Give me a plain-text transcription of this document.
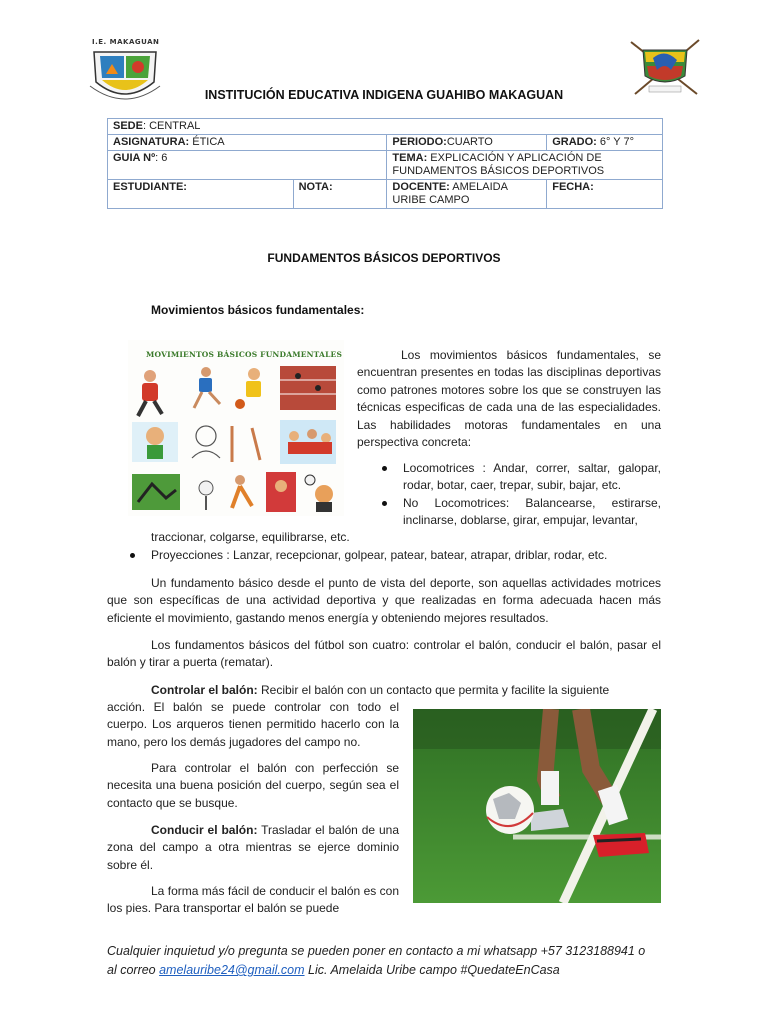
I.E. MAKAGUAN
INSTITUCIÓN EDUCATIVA INDIGENA GUAHIBO MAKAGUAN
SEDE: CENTRAL			
ASIGNATURA: ÉTICA		PERIODO:CUARTO	GRADO: 6° Y 7°
GUIA Nº: 6		TEMA: EXPLICACIÓN Y APLICACIÓN DE FUNDAMENTOS BÁSICOS DEPORTIVOS	
ESTUDIANTE:	NOTA:	DOCENTE: AMELAIDA URIBE CAMPO	FECHA:
FUNDAMENTOS BÁSICOS DEPORTIVOS
Movimientos básicos fundamentales:
MOVIMIENTOS BÁSICOS FUNDAMENTALES	Los movimientos básicos fundamentales, se encuentran presentes en todas las disciplinas deportivas como patrones motores sobre los que se construyen las técnicas especificas de cada una de las especialidades. Las habilidades motoras fundamentales en una perspectiva concreta:
Locomotrices : Andar, correr, saltar, galopar, rodar, botar, caer, trepar, subir, bajar, etc.
No Locomotrices: Balancearse, estirarse, inclinarse, doblarse, girar, empujar, levantar,
traccionar, colgarse, equilibrarse, etc.
Proyecciones : Lanzar, recepcionar, golpear, patear, batear, atrapar, driblar, rodar, etc.
Un fundamento básico desde el punto de vista del deporte, son aquellas actividades motrices que son específicas de una actividad deportiva y que realizadas en forma adecuada hacen más eficiente el movimiento, gastando menos energía y obteniendo mejores resultados.
Los fundamentos básicos del fútbol son cuatro: controlar el balón, conducir el balón, pasar el balón y tirar a puerta (rematar).
Controlar el balón: Recibir el balón con un contacto que permita y facilite la siguiente
acción. El balón se puede controlar con todo el cuerpo. Los arqueros tienen permitido hacerlo con la mano, pero los demás jugadores del campo no.
Para controlar el balón con perfección se necesita una buena posición del cuerpo, según sea el contacto que se busque.
Conducir el balón: Trasladar el balón de una zona del campo a otra mientras se ejerce dominio sobre él.
La forma más fácil de conducir el balón es con los pies. Para transportar el balón se puede
Cualquier inquietud y/o pregunta se pueden poner en contacto a mi whatsapp +57 3123188941 o
al correo amelauribe24@gmail.com Lic. Amelaida Uribe campo #QuedateEnCasa
